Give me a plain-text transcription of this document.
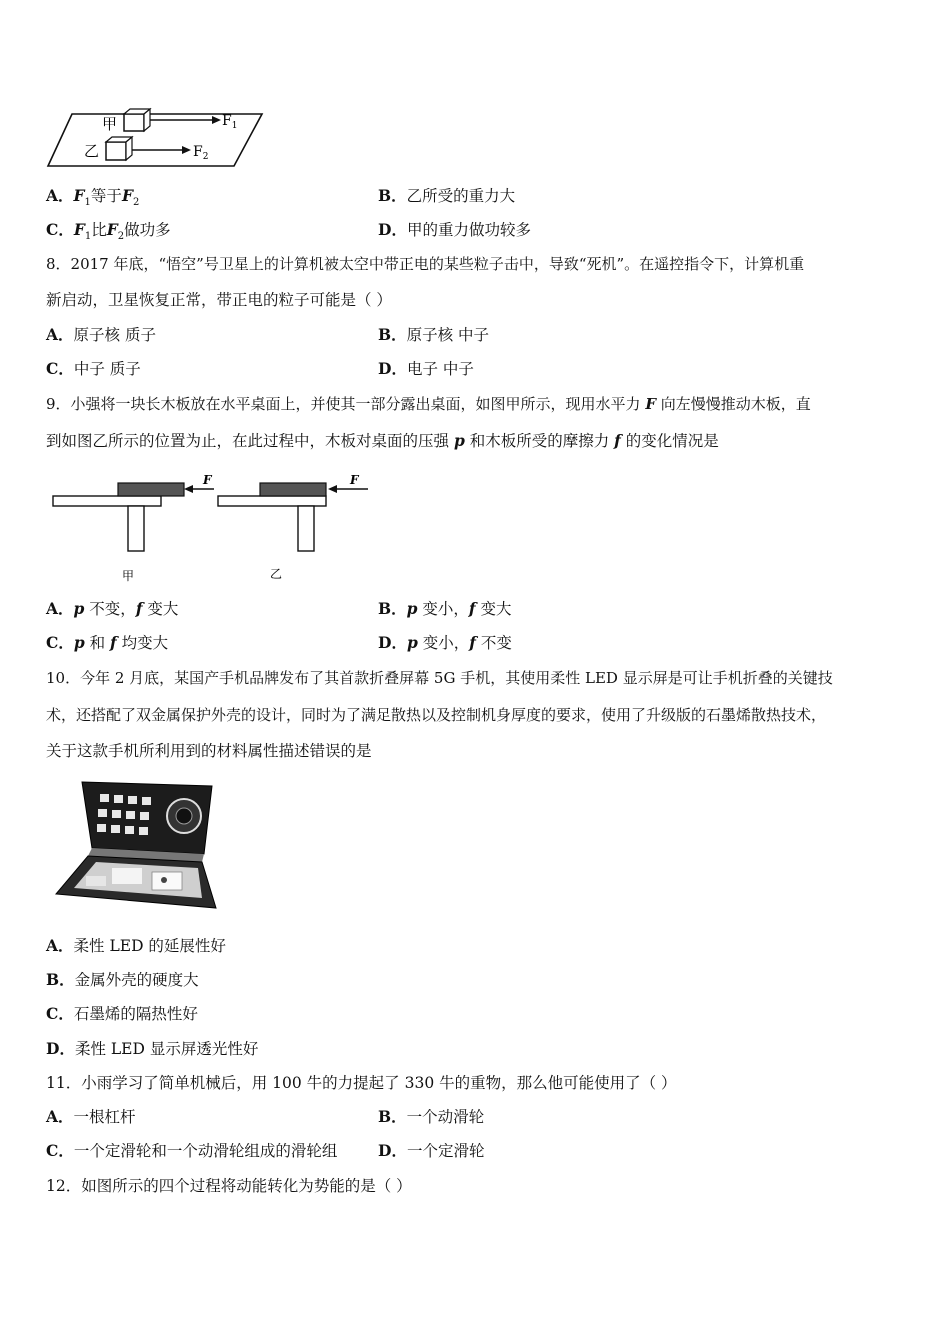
甲	$F_1$
乙	$F_2$
A．$F_1$等于$F_2$	B．乙所受的重力大
C．$F_1$比$F_2$做功多	D．甲的重力做功较多
8．2017 年底，“悟空”号卫星上的计算机被太空中带正电的某些粒子击中，导致“死机”。在遥控指令下，计算机重
新启动，卫星恢复正常，带正电的粒子可能是（ ）
A．原子核 质子	B．原子核 中子
C．中子 质子	D．电子 中子
9．小强将一块长木板放在水平桌面上，并使其一部分露出桌面，如图甲所示，现用水平力 F 向左慢慢推动木板，直
到如图乙所示的位置为止，在此过程中，木板对桌面的压强 p 和木板所受的摩擦力 f 的变化情况是
F
甲
F
乙
A．p 不变，f 变大	B．p 变小，f 变大
C．p 和 f 均变大	D．p 变小，f 不变
10．今年 2 月底，某国产手机品牌发布了其首款折叠屏幕 5G 手机，其使用柔性 LED 显示屏是可让手机折叠的关键技
术，还搭配了双金属保护外壳的设计，同时为了满足散热以及控制机身厚度的要求，使用了升级版的石墨烯散热技术，
关于这款手机所利用到的材料属性描述错误的是
A．柔性 LED 的延展性好
B．金属外壳的硬度大
C．石墨烯的隔热性好
D．柔性 LED 显示屏透光性好
11．小雨学习了简单机械后，用 100 牛的力提起了 330 牛的重物，那么他可能使用了（ ）
A．一根杠杆	B．一个动滑轮
C．一个定滑轮和一个动滑轮组成的滑轮组	D．一个定滑轮
12．如图所示的四个过程将动能转化为势能的是（ ）
